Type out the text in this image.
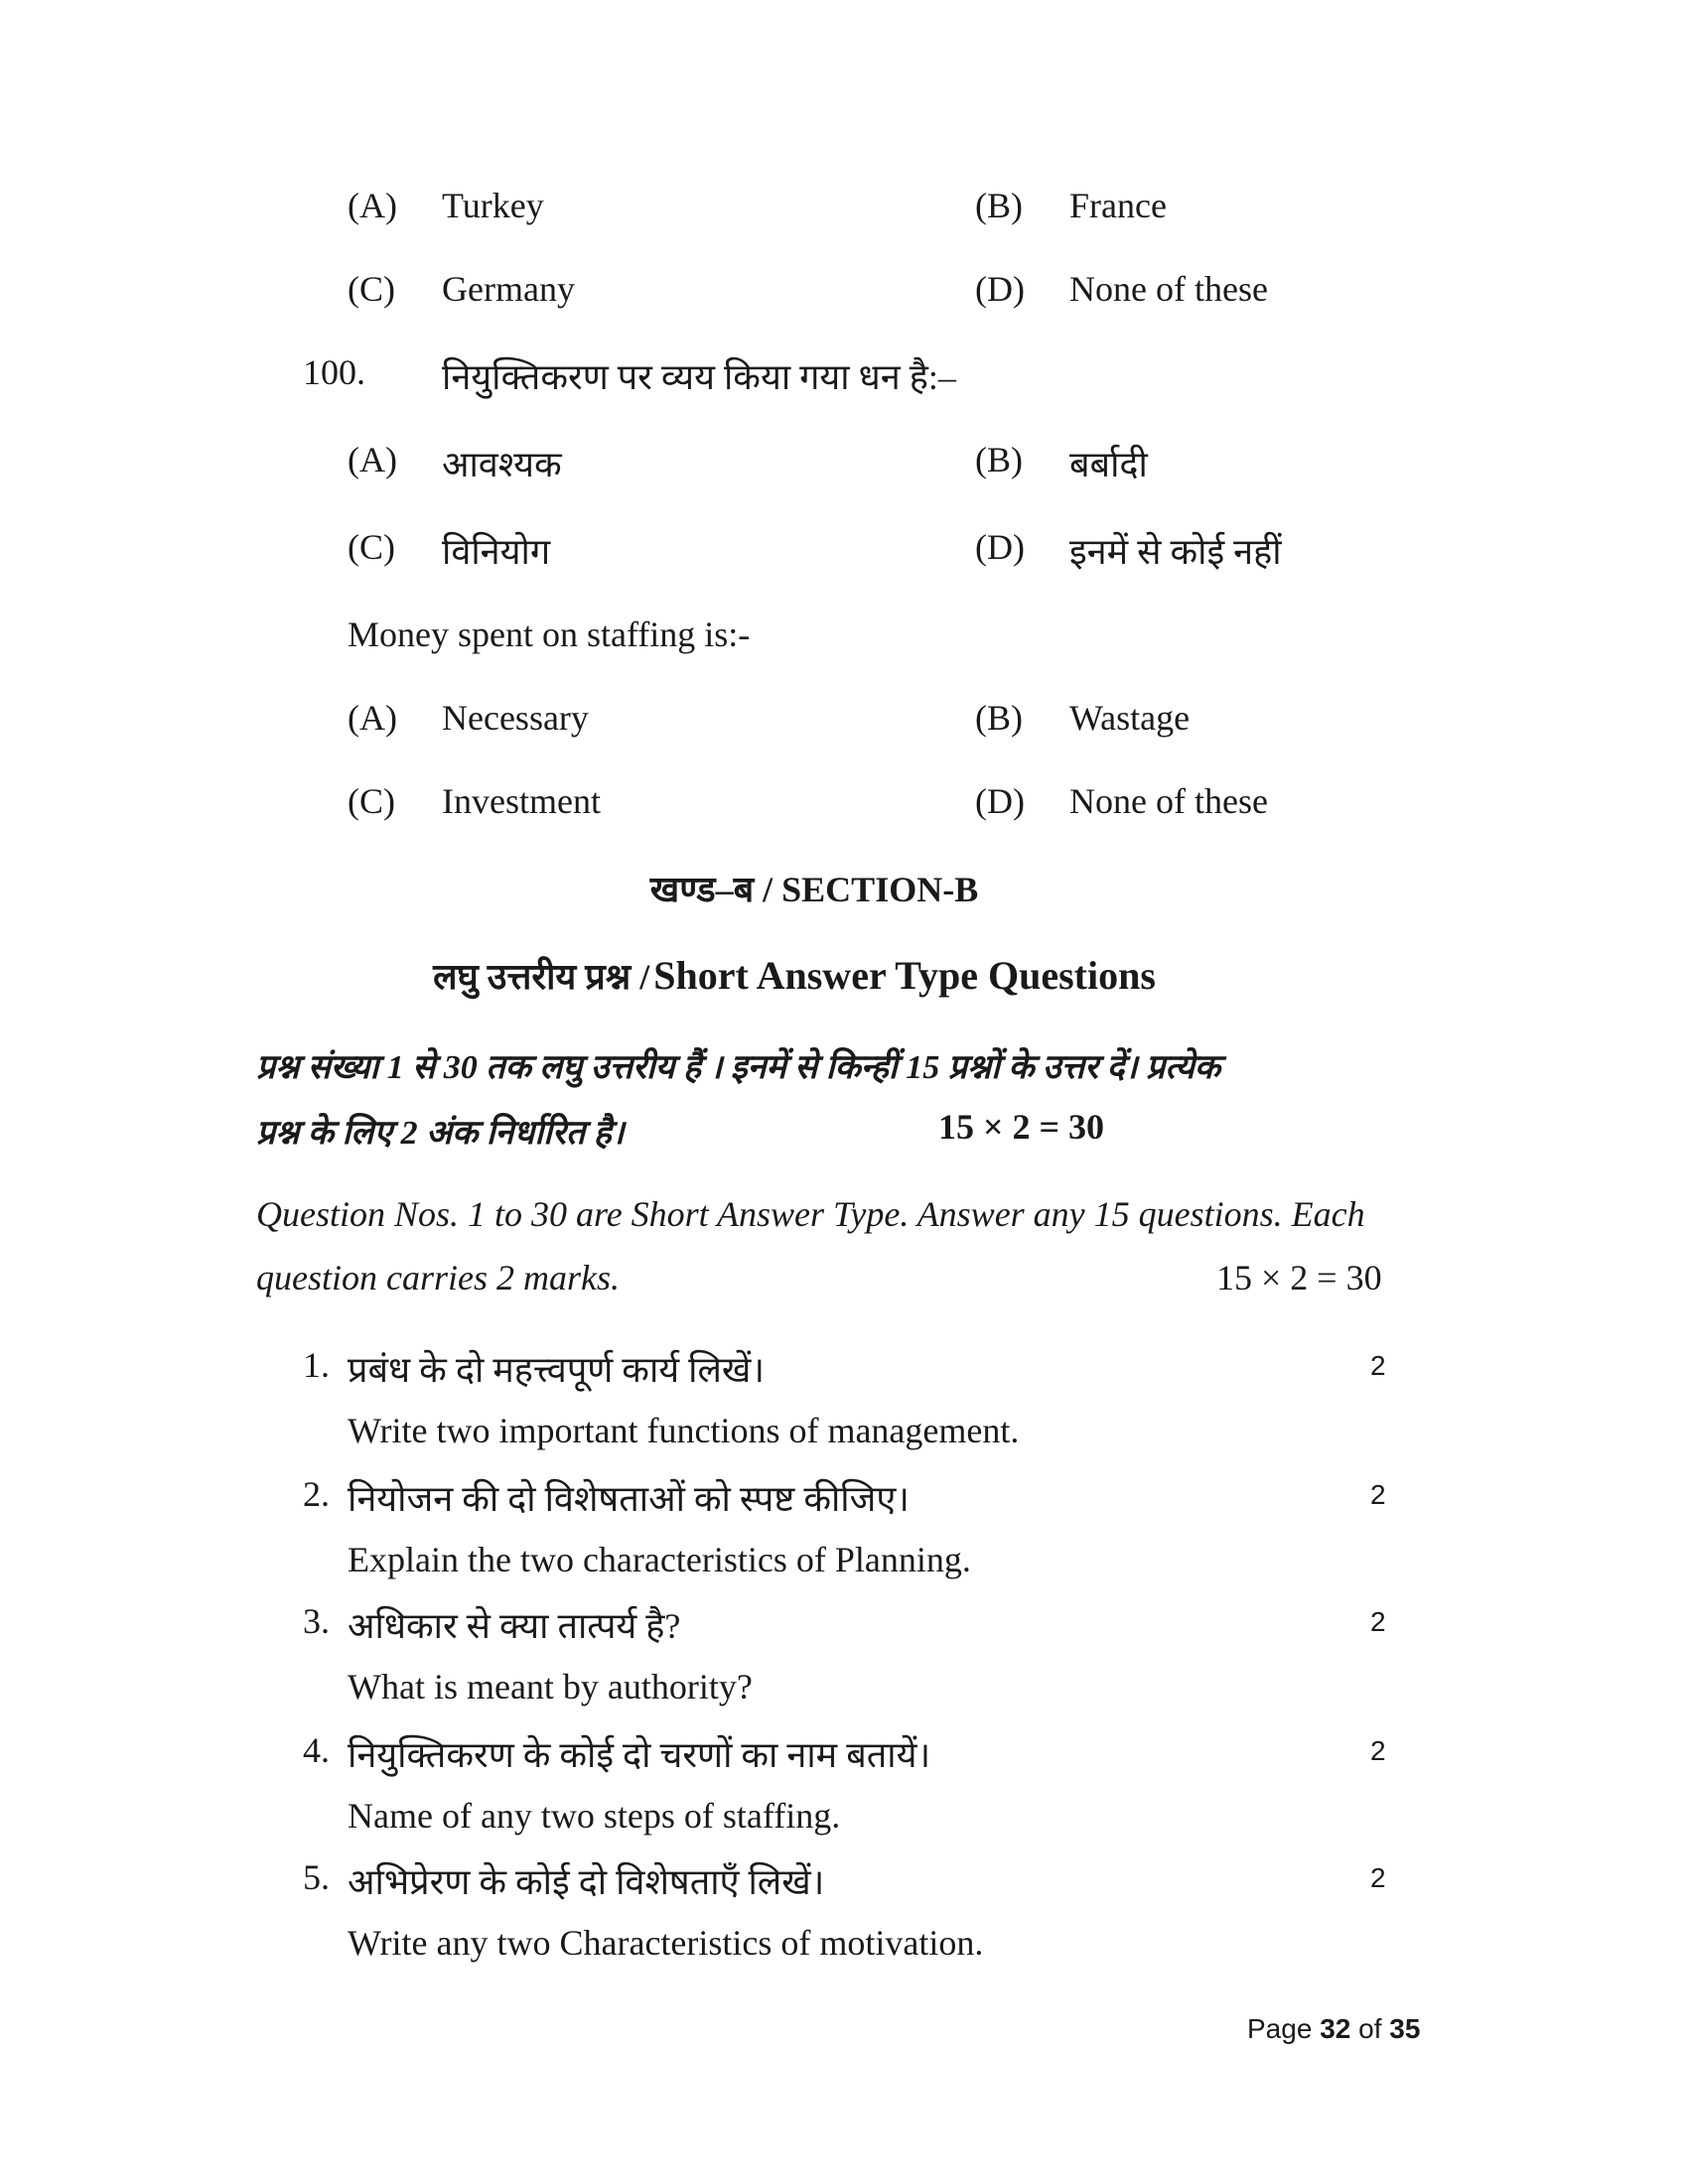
(A) Turkey	(B) France
(C) Germany	(D) None of these
100. नियुक्तिकरण पर व्यय किया गया धन है:–
(A) आवश्यक	(B) बर्बादी
(C) विनियोग	(D) इनमें से कोई नहीं
Money spent on staffing is:-
(A) Necessary	(B) Wastage
(C) Investment	(D) None of these
खण्ड–ब / SECTION-B
लघु उत्तरीय प्रश्न / Short Answer Type Questions
प्रश्न संख्या 1 से 30 तक लघु उत्तरीय हैं । इनमें से किन्हीं 15 प्रश्नों के उत्तर दें। प्रत्येक
प्रश्न के लिए 2 अंक निर्धारित है।	15 × 2 = 30
Question Nos. 1 to 30 are Short Answer Type. Answer any 15 questions. Each
question carries 2 marks.	15 × 2 = 30
1. प्रबंध के दो महत्त्वपूर्ण कार्य लिखें।	2
Write two important functions of management.
2. नियोजन की दो विशेषताओं को स्पष्ट कीजिए।	2
Explain the two characteristics of Planning.
3. अधिकार से क्या तात्पर्य है?	2
What is meant by authority?
4. नियुक्तिकरण के कोई दो चरणों का नाम बतायें।	2
Name of any two steps of staffing.
5. अभिप्रेरण के कोई दो विशेषताएँ लिखें।	2
Write any two Characteristics of motivation.
Page 32 of 35
